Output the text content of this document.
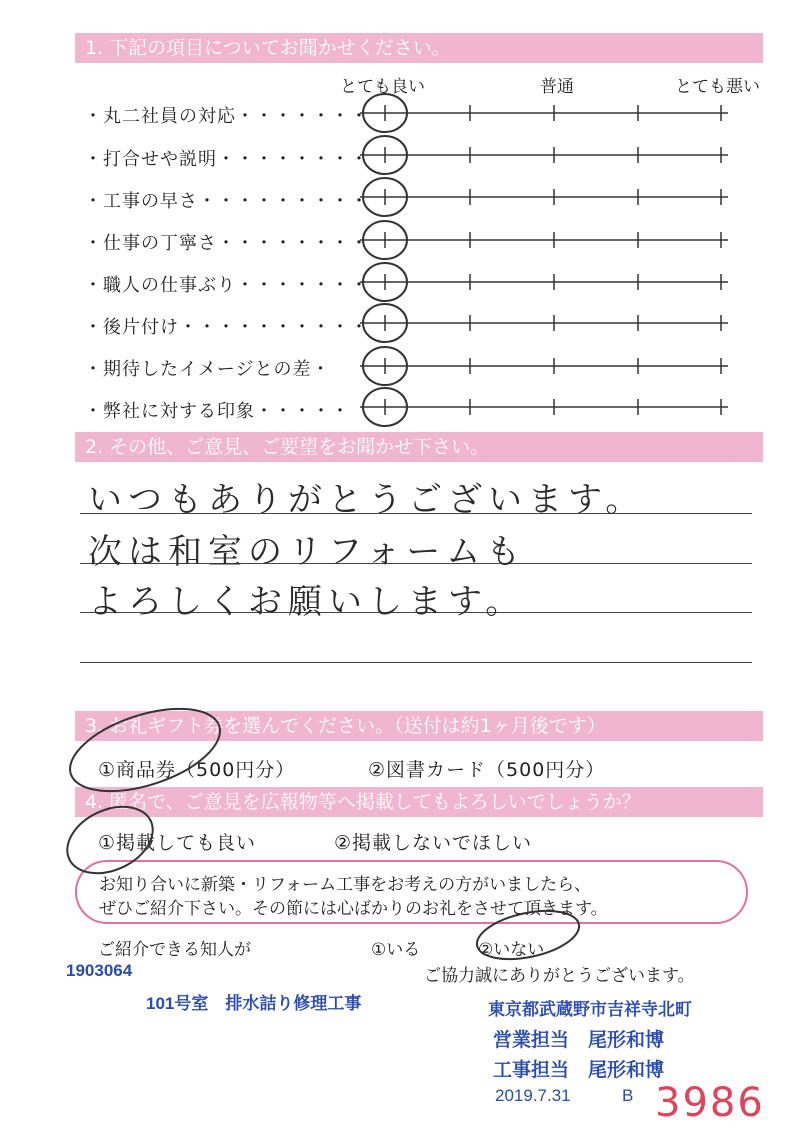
1. 下記の項目についてお聞かせください。
とても良い	普通	とても悪い
・丸二社員の対応・・・・・・・
・打合せや説明・・・・・・・・
・工事の早さ・・・・・・・・・
・仕事の丁寧さ・・・・・・・・
・職人の仕事ぶり・・・・・・・
・後片付け・・・・・・・・・・
・期待したイメージとの差・
・弊社に対する印象・・・・・
2. その他、ご意見、ご要望をお聞かせ下さい。
いつもありがとうございます。
次は和室のリフォームも
よろしくお願いします。
3. お礼ギフト券を選んでください。（送付は約1ヶ月後です）
①商品券（500円分）	②図書カード（500円分）
4. 匿名で、ご意見を広報物等へ掲載してもよろしいでしょうか？
①掲載しても良い	②掲載しないでほしい
お知り合いに新築・リフォーム工事をお考えの方がいましたら、
ぜひご紹介下さい。その節には心ばかりのお礼をさせて頂きます。
ご紹介できる知人が	①いる	②いない
ご協力誠にありがとうございます。
1903064
101号室　排水詰り修理工事	東京都武蔵野市吉祥寺北町
営業担当　尾形和博
工事担当　尾形和博
2019.7.31	B 3986
